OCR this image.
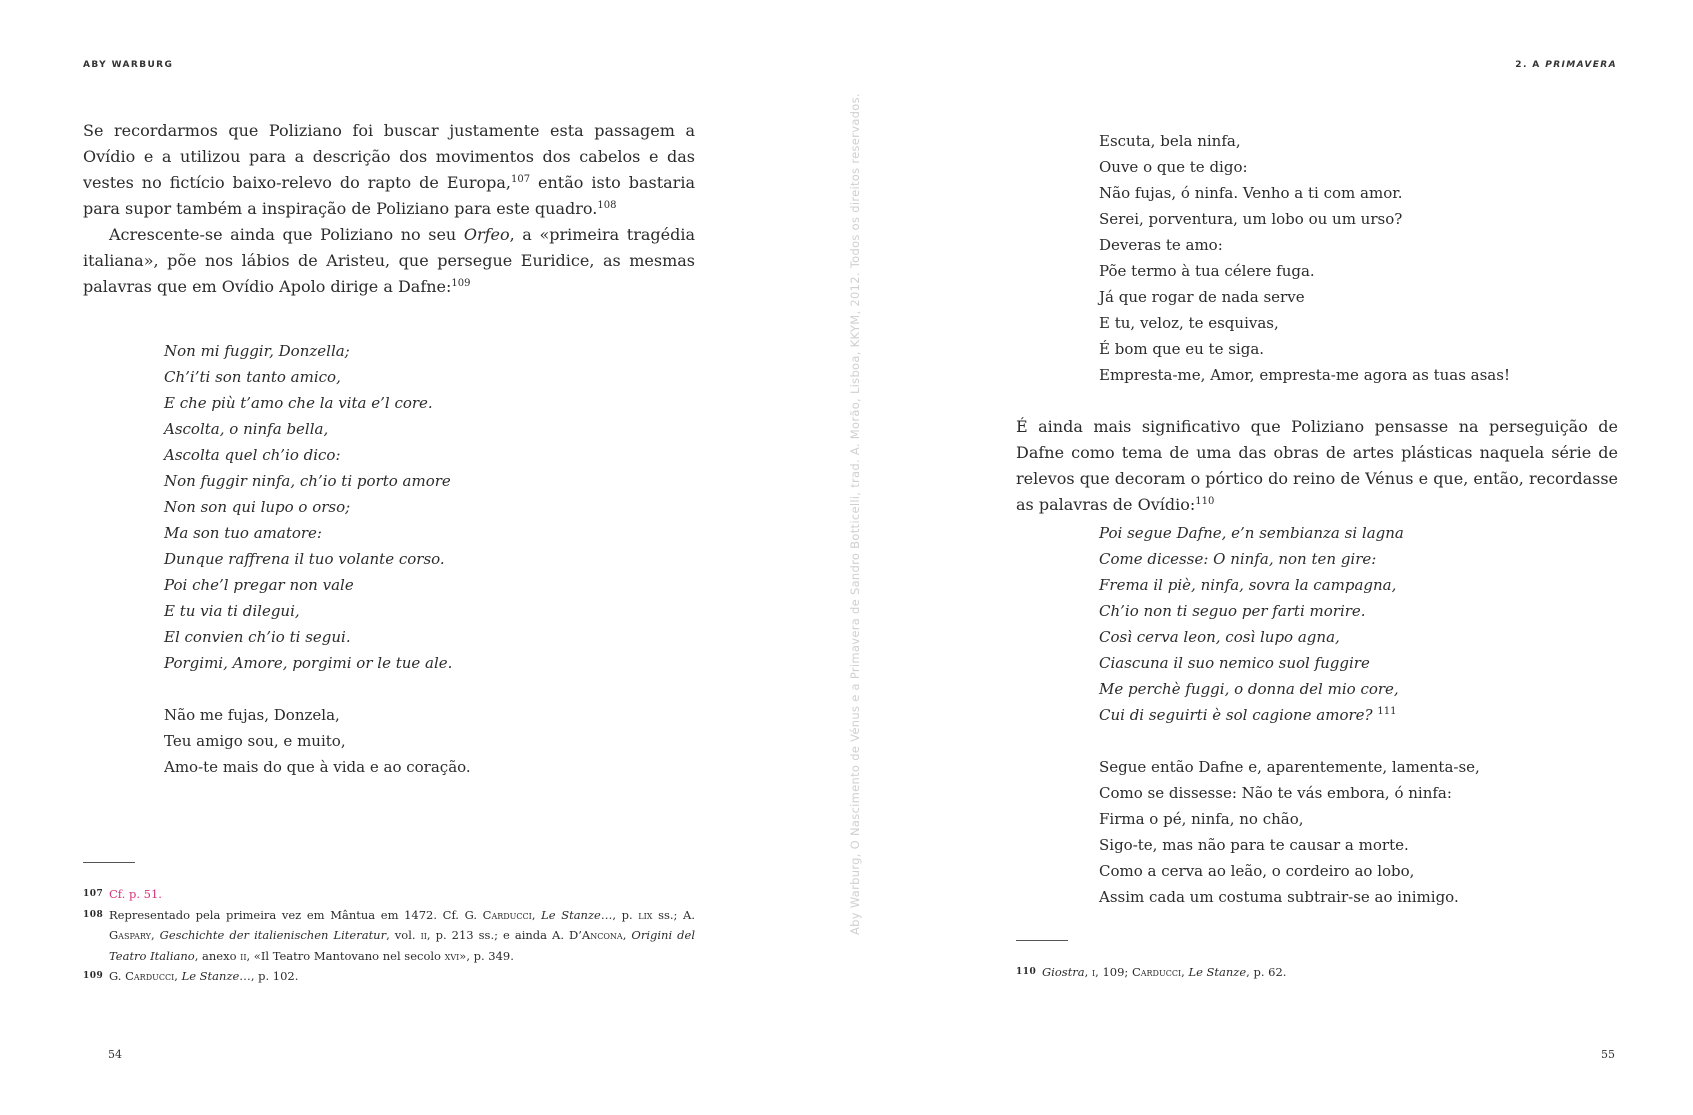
ABY WARBURG

Se recordarmos que Poliziano foi buscar justamente esta passagem a Ovídio e a utilizou para a descrição dos movimentos dos cabelos e das vestes no fictício baixo-relevo do rapto de Europa,$^{107}$ então isto bastaria para supor também a inspiração de Poliziano para este quadro.$^{108}$

Acrescente-se ainda que Poliziano no seu Orfeo, a «primeira tragédia italiana», põe nos lábios de Aristeu, que persegue Euridice, as mesmas palavras que em Ovídio Apolo dirige a Dafne:$^{109}$

Non mi fuggir, Donzella;
Ch’i’ti son tanto amico,
E che più t’amo che la vita e’l core.
Ascolta, o ninfa bella,
Ascolta quel ch’io dico:
Non fuggir ninfa, ch’io ti porto amore
Non son qui lupo o orso;
Ma son tuo amatore:
Dunque raffrena il tuo volante corso.
Poi che’l pregar non vale
E tu via ti dilegui,
El convien ch’io ti segui.
Porgimi, Amore, porgimi or le tue ale.
Não me fujas, Donzela,
Teu amigo sou, e muito,
Amo-te mais do que à vida e ao coração.
107 Cf. p. 51.
108 Representado pela primeira vez em Mântua em 1472. Cf. G. Carducci, Le Stanze…, p. lix ss.; A. Gaspary, Geschichte der italienischen Literatur, vol. ii, p. 213 ss.; e ainda A. D’Ancona, Origini del Teatro Italiano, anexo ii, «Il Teatro Mantovano nel secolo xvi», p. 349.
109 G. Carducci, Le Stanze…, p. 102.
54
Aby Warburg, O Nascimento de Vénus e a Primavera de Sandro Botticelli, trad. A. Morão, Lisboa, KKYM, 2012. Todos os direitos reservados.
2. A PRIMAVERA
Escuta, bela ninfa,
Ouve o que te digo:
Não fujas, ó ninfa. Venho a ti com amor.
Serei, porventura, um lobo ou um urso?
Deveras te amo:
Põe termo à tua célere fuga.
Já que rogar de nada serve
E tu, veloz, te esquivas,
É bom que eu te siga.
Empresta-me, Amor, empresta-me agora as tuas asas!

É ainda mais significativo que Poliziano pensasse na perseguição de Dafne como tema de uma das obras de artes plásticas naquela série de relevos que decoram o pórtico do reino de Vénus e que, então, recordasse as palavras de Ovídio:$^{110}$

Poi segue Dafne, e’n sembianza si lagna
Come dicesse: O ninfa, non ten gire:
Frema il piè, ninfa, sovra la campagna,
Ch’io non ti seguo per farti morire.
Così cerva leon, così lupo agna,
Ciascuna il suo nemico suol fuggire
Me perchè fuggi, o donna del mio core,
Cui di seguirti è sol cagione amore? $^{111}$
Segue então Dafne e, aparentemente, lamenta-se,
Como se dissesse: Não te vás embora, ó ninfa:
Firma o pé, ninfa, no chão,
Sigo-te, mas não para te causar a morte.
Como a cerva ao leão, o cordeiro ao lobo,
Assim cada um costuma subtrair-se ao inimigo.
110 Giostra, i, 109; Carducci, Le Stanze, p. 62.
55
